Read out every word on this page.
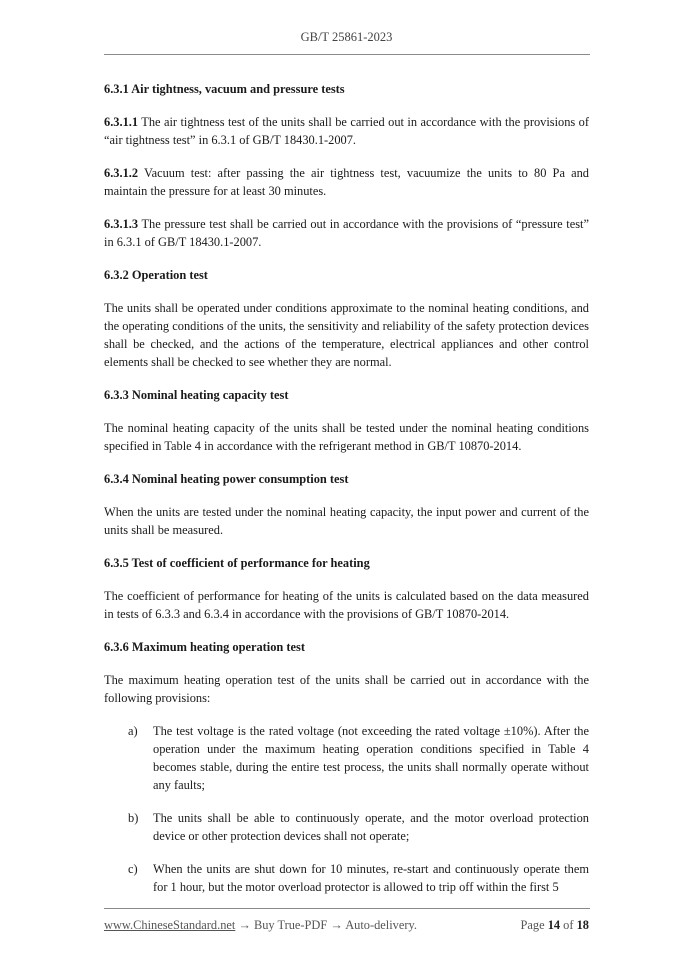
GB/T 25861-2023

6.3.1 Air tightness, vacuum and pressure tests

6.3.1.1 The air tightness test of the units shall be carried out in accordance with the provisions of “air tightness test” in 6.3.1 of GB/T 18430.1-2007.

6.3.1.2 Vacuum test: after passing the air tightness test, vacuumize the units to 80 Pa and maintain the pressure for at least 30 minutes.

6.3.1.3 The pressure test shall be carried out in accordance with the provisions of “pressure test” in 6.3.1 of GB/T 18430.1-2007.

6.3.2 Operation test

The units shall be operated under conditions approximate to the nominal heating conditions, and the operating conditions of the units, the sensitivity and reliability of the safety protection devices shall be checked, and the actions of the temperature, electrical appliances and other control elements shall be checked to see whether they are normal.

6.3.3 Nominal heating capacity test

The nominal heating capacity of the units shall be tested under the nominal heating conditions specified in Table 4 in accordance with the refrigerant method in GB/T 10870-2014.

6.3.4 Nominal heating power consumption test

When the units are tested under the nominal heating capacity, the input power and current of the units shall be measured.

6.3.5 Test of coefficient of performance for heating

The coefficient of performance for heating of the units is calculated based on the data measured in tests of 6.3.3 and 6.3.4 in accordance with the provisions of GB/T 10870-2014.

6.3.6 Maximum heating operation test

The maximum heating operation test of the units shall be carried out in accordance with the following provisions:

a)	The test voltage is the rated voltage (not exceeding the rated voltage ±10%). After the operation under the maximum heating operation conditions specified in Table 4 becomes stable, during the entire test process, the units shall normally operate without any faults;
b)	The units shall be able to continuously operate, and the motor overload protection device or other protection devices shall not operate;
c)	When the units are shut down for 10 minutes, re-start and continuously operate them for 1 hour, but the motor overload protector is allowed to trip off within the first 5
www.ChineseStandard.net → Buy True-PDF → Auto-delivery.	Page 14 of 18
